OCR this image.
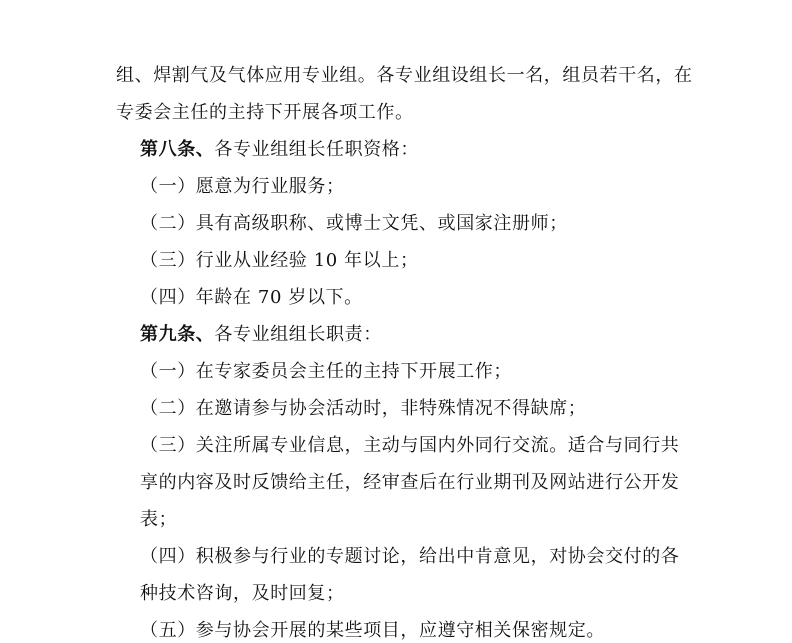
组、焊割气及气体应用专业组。各专业组设组长一名，组员若干名，在
专委会主任的主持下开展各项工作。
第八条、各专业组组长任职资格：
（一）愿意为行业服务；
（二）具有高级职称、或博士文凭、或国家注册师；
（三）行业从业经验 10 年以上；
（四）年龄在 70 岁以下。
第九条、各专业组组长职责：
（一）在专家委员会主任的主持下开展工作；
（二）在邀请参与协会活动时，非特殊情况不得缺席；
（三）关注所属专业信息，主动与国内外同行交流。适合与同行共
享的内容及时反馈给主任，经审查后在行业期刊及网站进行公开发
表；
（四）积极参与行业的专题讨论，给出中肯意见，对协会交付的各
种技术咨询，及时回复；
（五）参与协会开展的某些项目，应遵守相关保密规定。
